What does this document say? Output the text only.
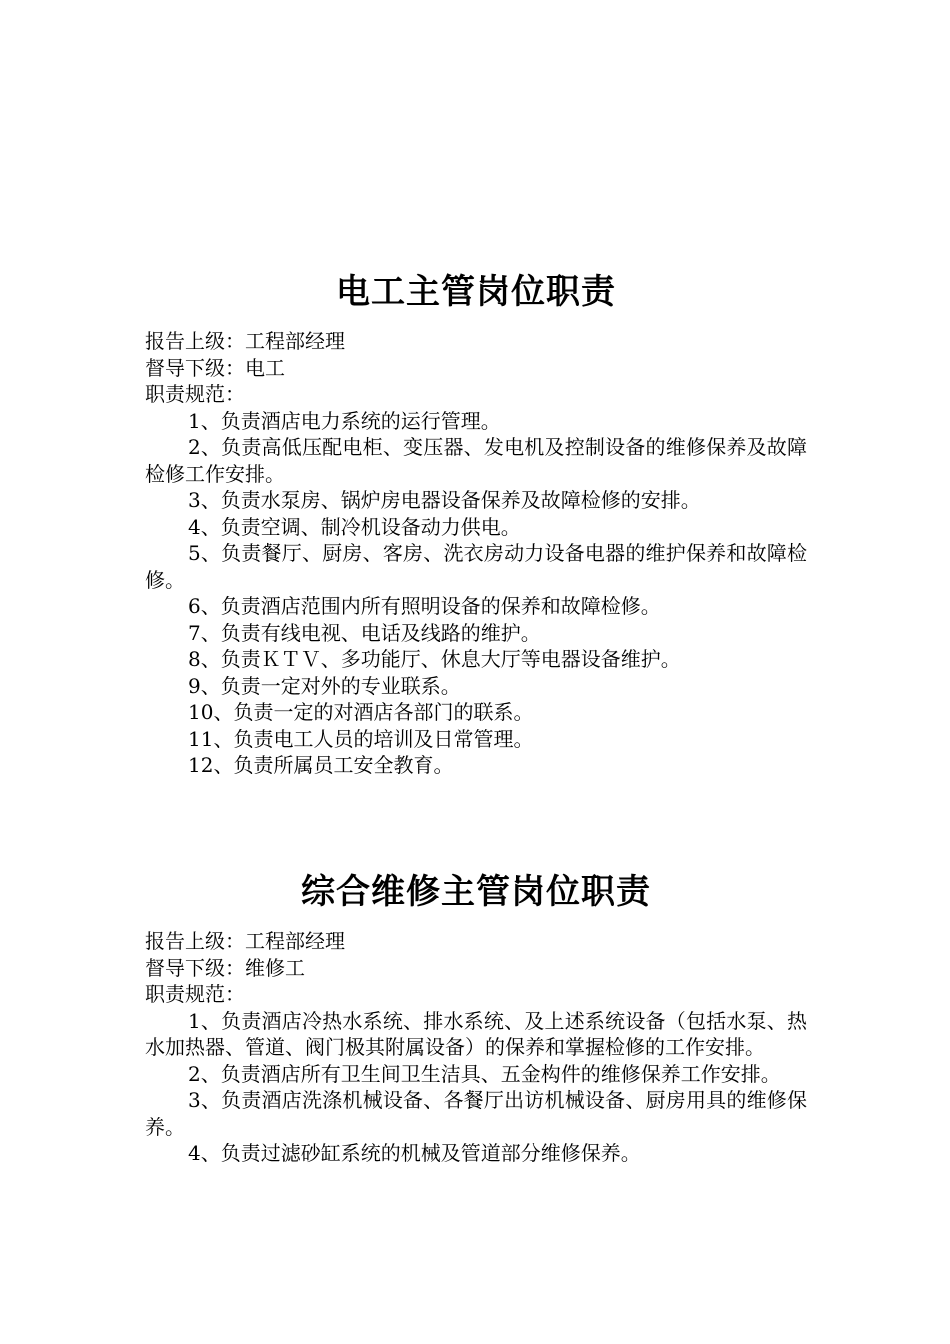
电工主管岗位职责
报告上级：工程部经理
督导下级：电工
职责规范：

1、负责酒店电力系统的运行管理。

2、负责高低压配电柜、变压器、发电机及控制设备的维修保养及故障检修工作安排。

3、负责水泵房、锅炉房电器设备保养及故障检修的安排。

4、负责空调、制冷机设备动力供电。

5、负责餐厅、厨房、客房、洗衣房动力设备电器的维护保养和故障检修。

6、负责酒店范围内所有照明设备的保养和故障检修。

7、负责有线电视、电话及线路的维护。

8、负责ＫＴＶ、多功能厅、休息大厅等电器设备维护。

9、负责一定对外的专业联系。

10、负责一定的对酒店各部门的联系。

11、负责电工人员的培训及日常管理。

12、负责所属员工安全教育。

综合维修主管岗位职责
报告上级：工程部经理
督导下级：维修工
职责规范：

1、负责酒店冷热水系统、排水系统、及上述系统设备（包括水泵、热水加热器、管道、阀门极其附属设备）的保养和掌握检修的工作安排。

2、负责酒店所有卫生间卫生洁具、五金构件的维修保养工作安排。

3、负责酒店洗涤机械设备、各餐厅出访机械设备、厨房用具的维修保养。

4、负责过滤砂缸系统的机械及管道部分维修保养。
